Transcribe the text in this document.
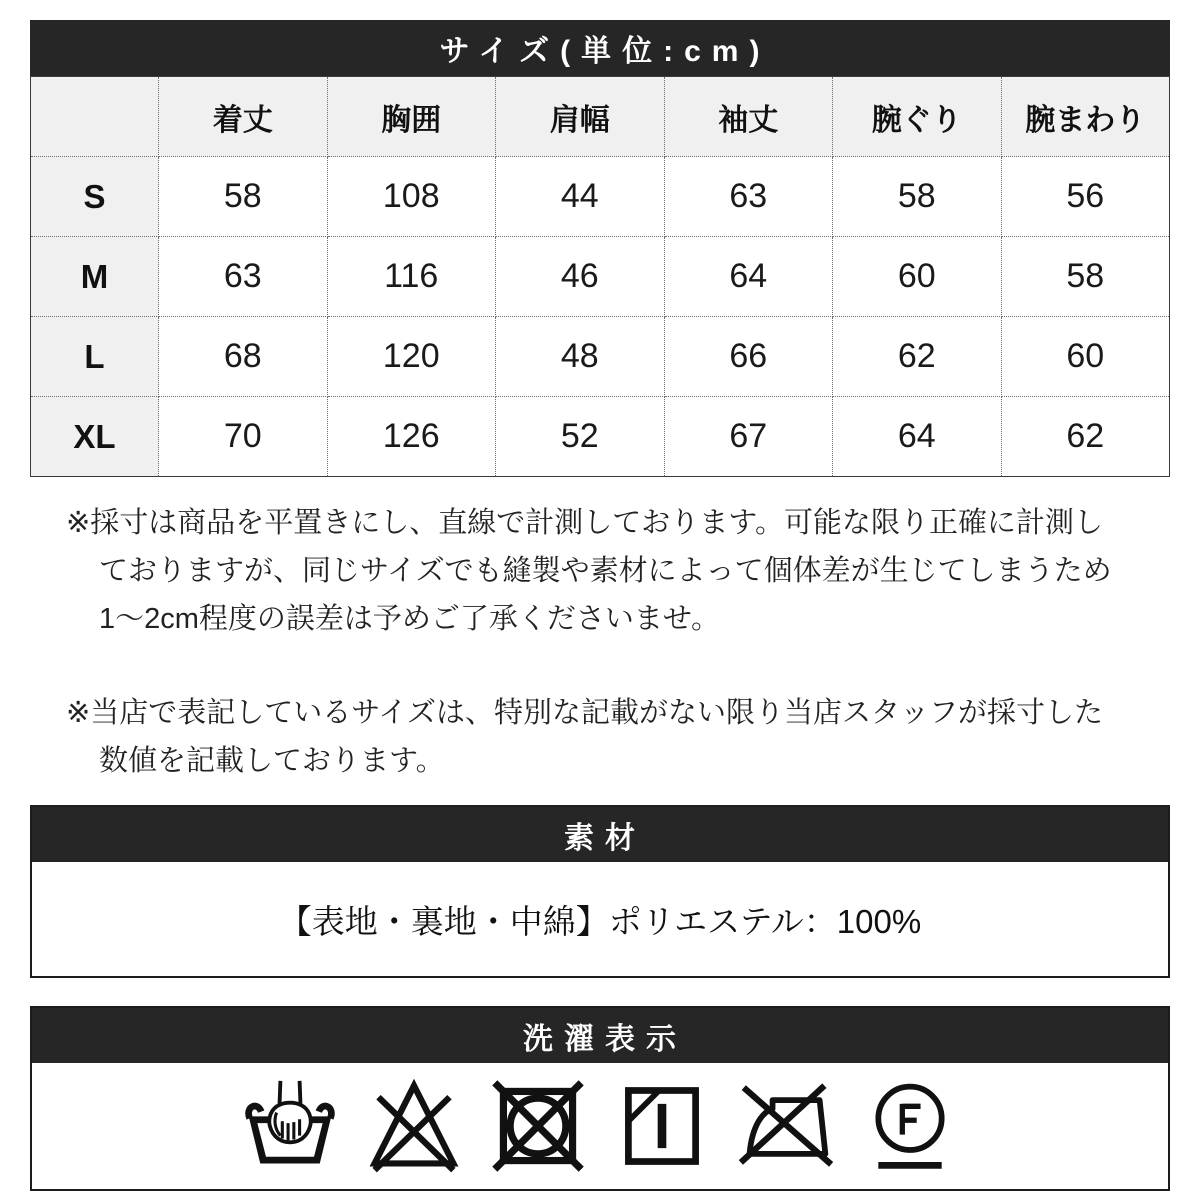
サイズ(単位:cm)
	着丈	胸囲	肩幅	袖丈	腕ぐり	腕まわり
S	58	108	44	63	58	56
M	63	116	46	64	60	58
L	68	120	48	66	62	60
XL	70	126	52	67	64	62
※採寸は商品を平置きにし、直線で計測しております。可能な限り正確に計測し
ておりますが、同じサイズでも縫製や素材によって個体差が生じてしまうため
1～2cm程度の誤差は予めご了承くださいませ。
※当店で表記しているサイズは、特別な記載がない限り当店スタッフが採寸した
数値を記載しております。
素材
【表地・裏地・中綿】ポリエステル：100%
洗濯表示
